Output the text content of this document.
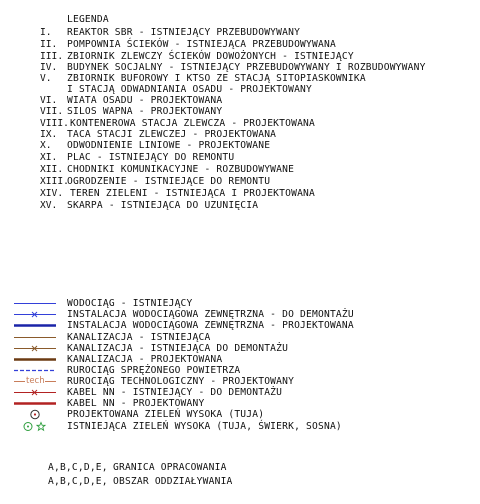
LEGENDA
I. REAKTOR SBR - ISTNIEJĄCY PRZEBUDOWYWANY
II. POMPOWNIA ŚCIEKÓW - ISTNIEJĄCA PRZEBUDOWYWANA
III. ZBIORNIK ZLEWCZY ŚCIEKÓW DOWOŻONYCH - ISTNIEJĄCY
IV. BUDYNEK SOCJALNY - ISTNIEJĄCY PRZEBUDOWYWANY I ROZBUDOWYWANY
V. ZBIORNIK BUFOROWY I KTSO ZE STACJĄ SITOPIASKOWNIKA
I STACJĄ ODWADNIANIA OSADU - PROJEKTOWANY
VI. WIATA OSADU - PROJEKTOWANA
VII. SILOS WAPNA - PROJEKTOWANY
VIII. KONTENEROWA STACJA ZLEWCZA - PROJEKTOWANA
IX. TACA STACJI ZLEWCZEJ - PROJEKTOWANA
X. ODWODNIENIE LINIOWE - PROJEKTOWANE
XI. PLAC - ISTNIEJĄCY DO REMONTU
XII. CHODNIKI KOMUNIKACYJNE - ROZBUDOWYWANE
XIII.
OGRODZENIE - ISTNIEJĄCE DO REMONTU
XIV. TEREN ZIELENI - ISTNIEJĄCA I PROJEKTOWANA
XV. SKARPA - ISTNIEJĄCA DO UZUNIĘCIA
WODOCIĄG - ISTNIEJĄCY
INSTALACJA WODOCIĄGOWA ZEWNĘTRZNA - DO DEMONTAŻU
INSTALACJA WODOCIĄGOWA ZEWNĘTRZNA - PROJEKTOWANA
KANALIZACJA - ISTNIEJĄCA
KANALIZACJA - ISTNIEJĄCA DO DEMONTAŻU
KANALIZACJA - PROJEKTOWANA
RUROCIĄG SPRĘŻONEGO POWIETRZA
tech RUROCIĄG TECHNOLOGICZNY - PROJEKTOWANY
KABEL NN - ISTNIEJĄCY - DO DEMONTAŻU
KABEL NN - PROJEKTOWANY
PROJEKTOWANA ZIELEŃ WYSOKA (TUJA)
ISTNIEJĄCA ZIELEŃ WYSOKA (TUJA, ŚWIERK, SOSNA)
A,B,C,D,E, GRANICA OPRACOWANIA
A,B,C,D,E, OBSZAR ODDZIAŁYWANIA
